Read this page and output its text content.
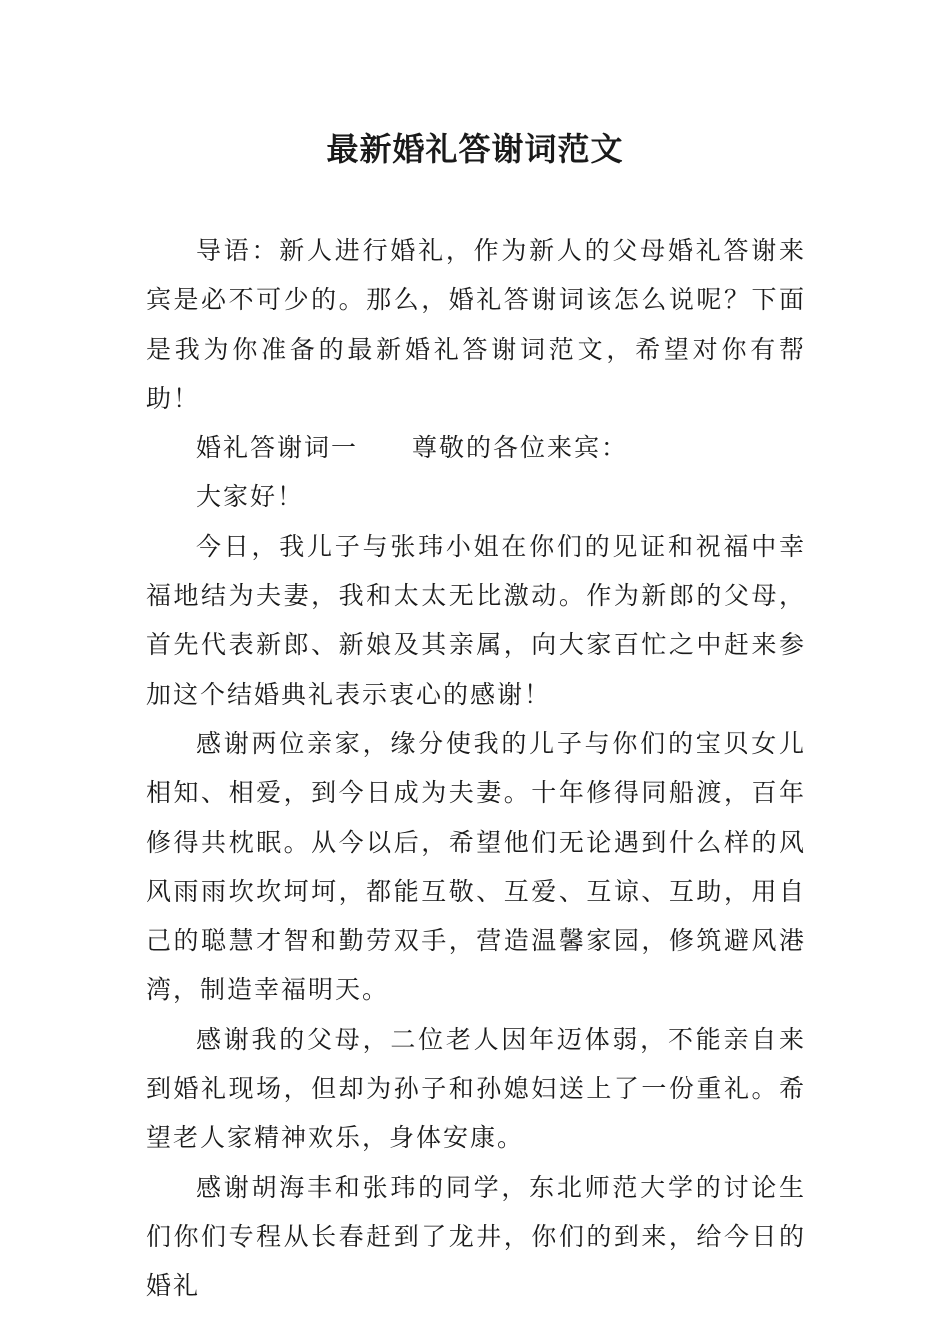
最新婚礼答谢词范文

导语：新人进行婚礼，作为新人的父母婚礼答谢来宾是必不可少的。那么，婚礼答谢词该怎么说呢？下面是我为你准备的最新婚礼答谢词范文，希望对你有帮助！

婚礼答谢词一　　尊敬的各位来宾：

大家好！

今日，我儿子与张玮小姐在你们的见证和祝福中幸福地结为夫妻，我和太太无比激动。作为新郎的父母，首先代表新郎、新娘及其亲属，向大家百忙之中赶来参加这个结婚典礼表示衷心的感谢！

感谢两位亲家，缘分使我的儿子与你们的宝贝女儿相知、相爱，到今日成为夫妻。十年修得同船渡，百年修得共枕眠。从今以后，希望他们无论遇到什么样的风风雨雨坎坎坷坷，都能互敬、互爱、互谅、互助，用自己的聪慧才智和勤劳双手，营造温馨家园，修筑避风港湾，制造幸福明天。

感谢我的父母，二位老人因年迈体弱，不能亲自来到婚礼现场，但却为孙子和孙媳妇送上了一份重礼。希望老人家精神欢乐，身体安康。

感谢胡海丰和张玮的同学，东北师范大学的讨论生们你们专程从长春赶到了龙井，你们的到来，给今日的婚礼
